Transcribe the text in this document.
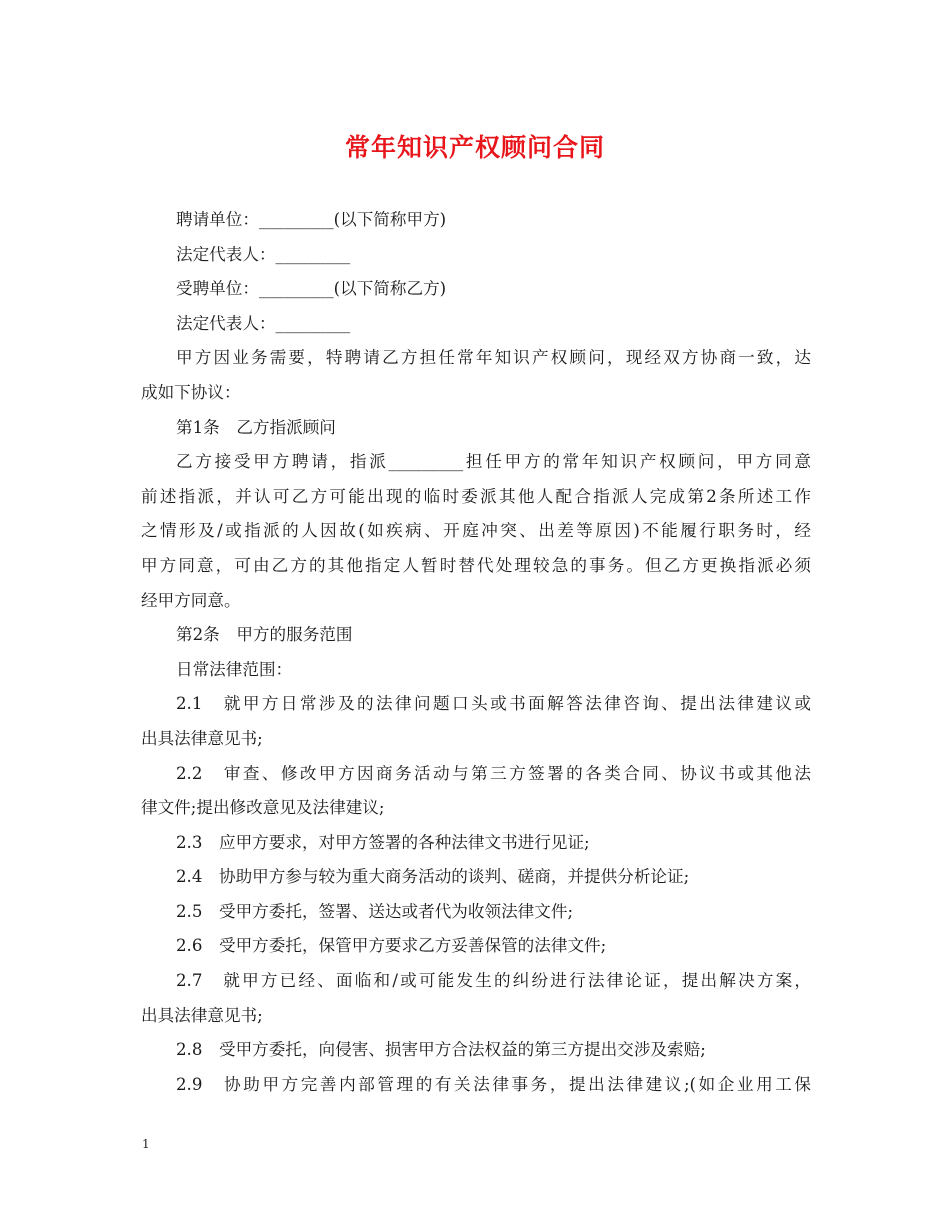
常年知识产权顾问合同
聘请单位：_________(以下简称甲方)
法定代表人：_________
受聘单位：_________(以下简称乙方)
法定代表人：_________
甲方因业务需要，特聘请乙方担任常年知识产权顾问，现经双方协商一致，达
成如下协议：
第1条　乙方指派顾问
乙方接受甲方聘请，指派_________担任甲方的常年知识产权顾问，甲方同意
前述指派，并认可乙方可能出现的临时委派其他人配合指派人完成第2条所述工作
之情形及/或指派的人因故(如疾病、开庭冲突、出差等原因)不能履行职务时，经
甲方同意，可由乙方的其他指定人暂时替代处理较急的事务。但乙方更换指派必须
经甲方同意。
第2条　甲方的服务范围
日常法律范围：
2.1　就甲方日常涉及的法律问题口头或书面解答法律咨询、提出法律建议或
出具法律意见书;
2.2　审查、修改甲方因商务活动与第三方签署的各类合同、协议书或其他法
律文件;提出修改意见及法律建议;
2.3　应甲方要求，对甲方签署的各种法律文书进行见证;
2.4　协助甲方参与较为重大商务活动的谈判、磋商，并提供分析论证;
2.5　受甲方委托，签署、送达或者代为收领法律文件;
2.6　受甲方委托，保管甲方要求乙方妥善保管的法律文件;
2.7　就甲方已经、面临和/或可能发生的纠纷进行法律论证，提出解决方案，
出具法律意见书;
2.8　受甲方委托，向侵害、损害甲方合法权益的第三方提出交涉及索赔;
2.9　协助甲方完善内部管理的有关法律事务，提出法律建议;(如企业用工保
1
